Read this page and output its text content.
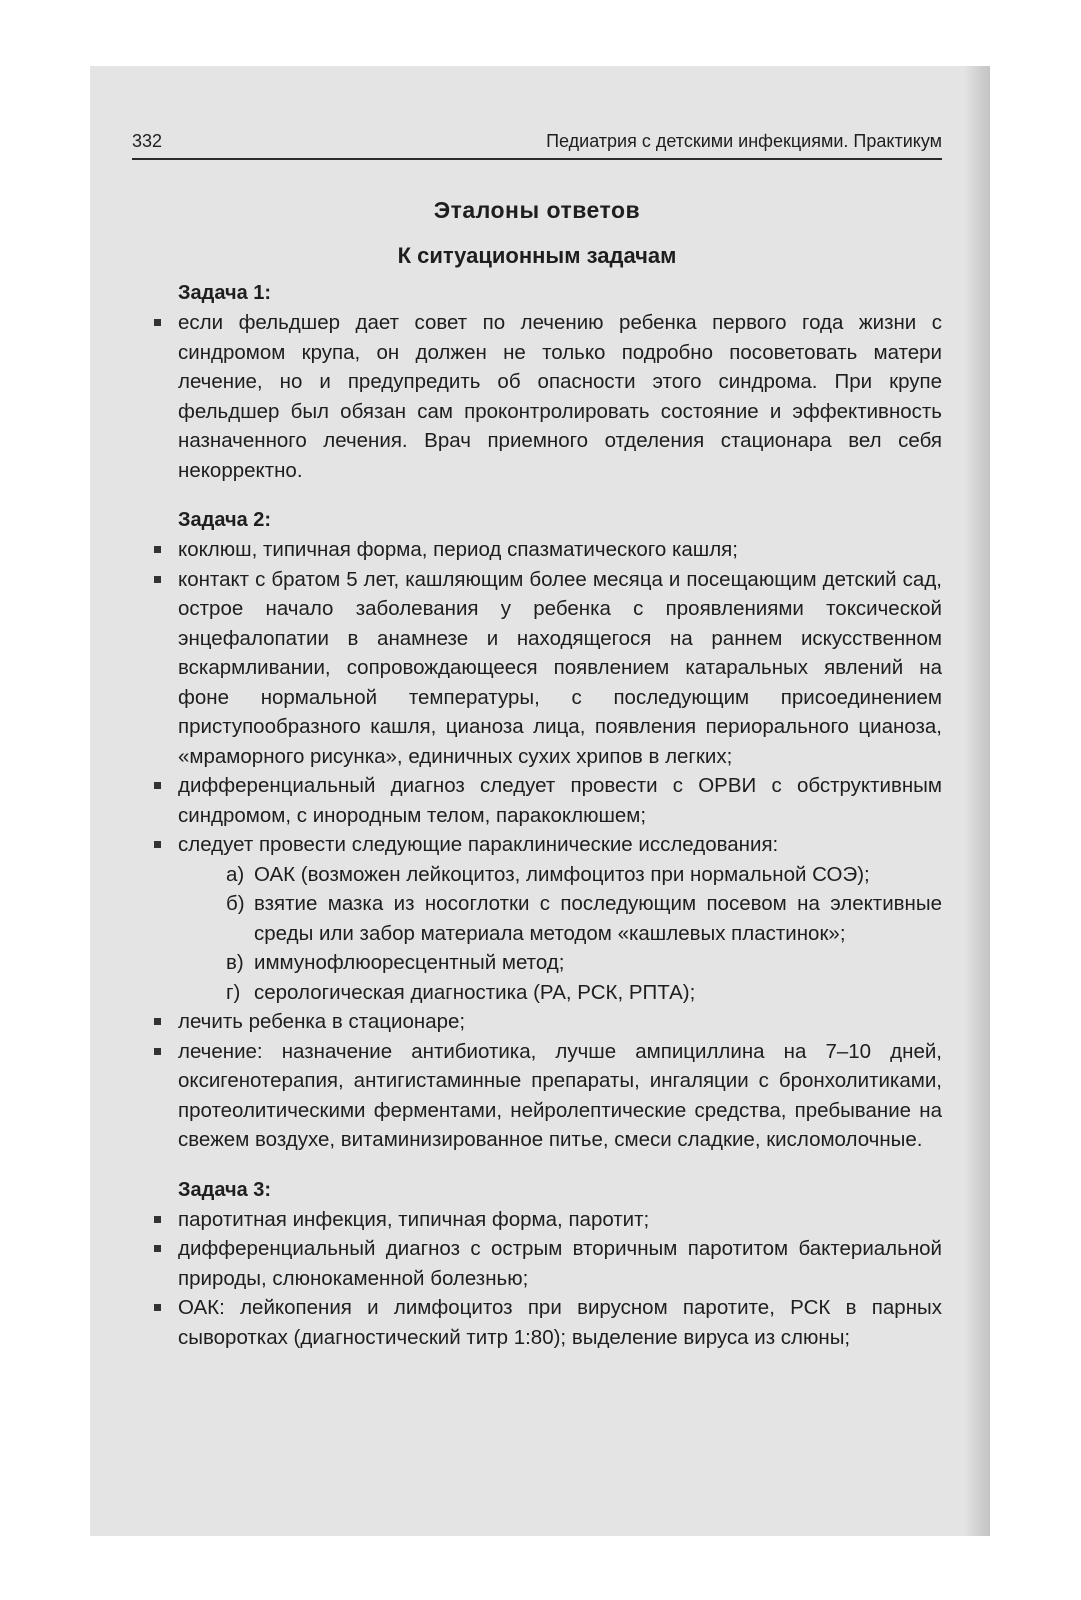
332	Педиатрия с детскими инфекциями. Практикум
Эталоны ответов
К ситуационным задачам
Задача 1:
если фельдшер дает совет по лечению ребенка первого года жизни с синдромом крупа, он должен не только подробно посоветовать матери лечение, но и предупредить об опасности этого синдрома. При крупе фельдшер был обязан сам проконтролировать состояние и эффективность назначенного лечения. Врач приемного отделения стационара вел себя некорректно.
Задача 2:
коклюш, типичная форма, период спазматического кашля;
контакт с братом 5 лет, кашляющим более месяца и посещающим детский сад, острое начало заболевания у ребенка с проявлениями токсической энцефалопатии в анамнезе и находящегося на раннем искусственном вскармливании, сопровождающееся появлением катаральных явлений на фоне нормальной температуры, с последующим присоединением приступообразного кашля, цианоза лица, появления периорального цианоза, «мраморного рисунка», единичных сухих хрипов в легких;
дифференциальный диагноз следует провести с ОРВИ с обструктивным синдромом, с инородным телом, паракоклюшем;
следует провести следующие параклинические исследования:
а) ОАК (возможен лейкоцитоз, лимфоцитоз при нормальной СОЭ);
б) взятие мазка из носоглотки с последующим посевом на элективные среды или забор материала методом «кашлевых пластинок»;
в) иммунофлюоресцентный метод;
г) серологическая диагностика (РА, РСК, РПТА);
лечить ребенка в стационаре;
лечение: назначение антибиотика, лучше ампициллина на 7–10 дней, оксигенотерапия, антигистаминные препараты, ингаляции с бронхолитиками, протеолитическими ферментами, нейролептические средства, пребывание на свежем воздухе, витаминизированное питье, смеси сладкие, кисломолочные.
Задача 3:
паротитная инфекция, типичная форма, паротит;
дифференциальный диагноз с острым вторичным паротитом бактериальной природы, слюнокаменной болезнью;
ОАК: лейкопения и лимфоцитоз при вирусном паротите, РСК в парных сыворотках (диагностический титр 1:80); выделение вируса из слюны;
